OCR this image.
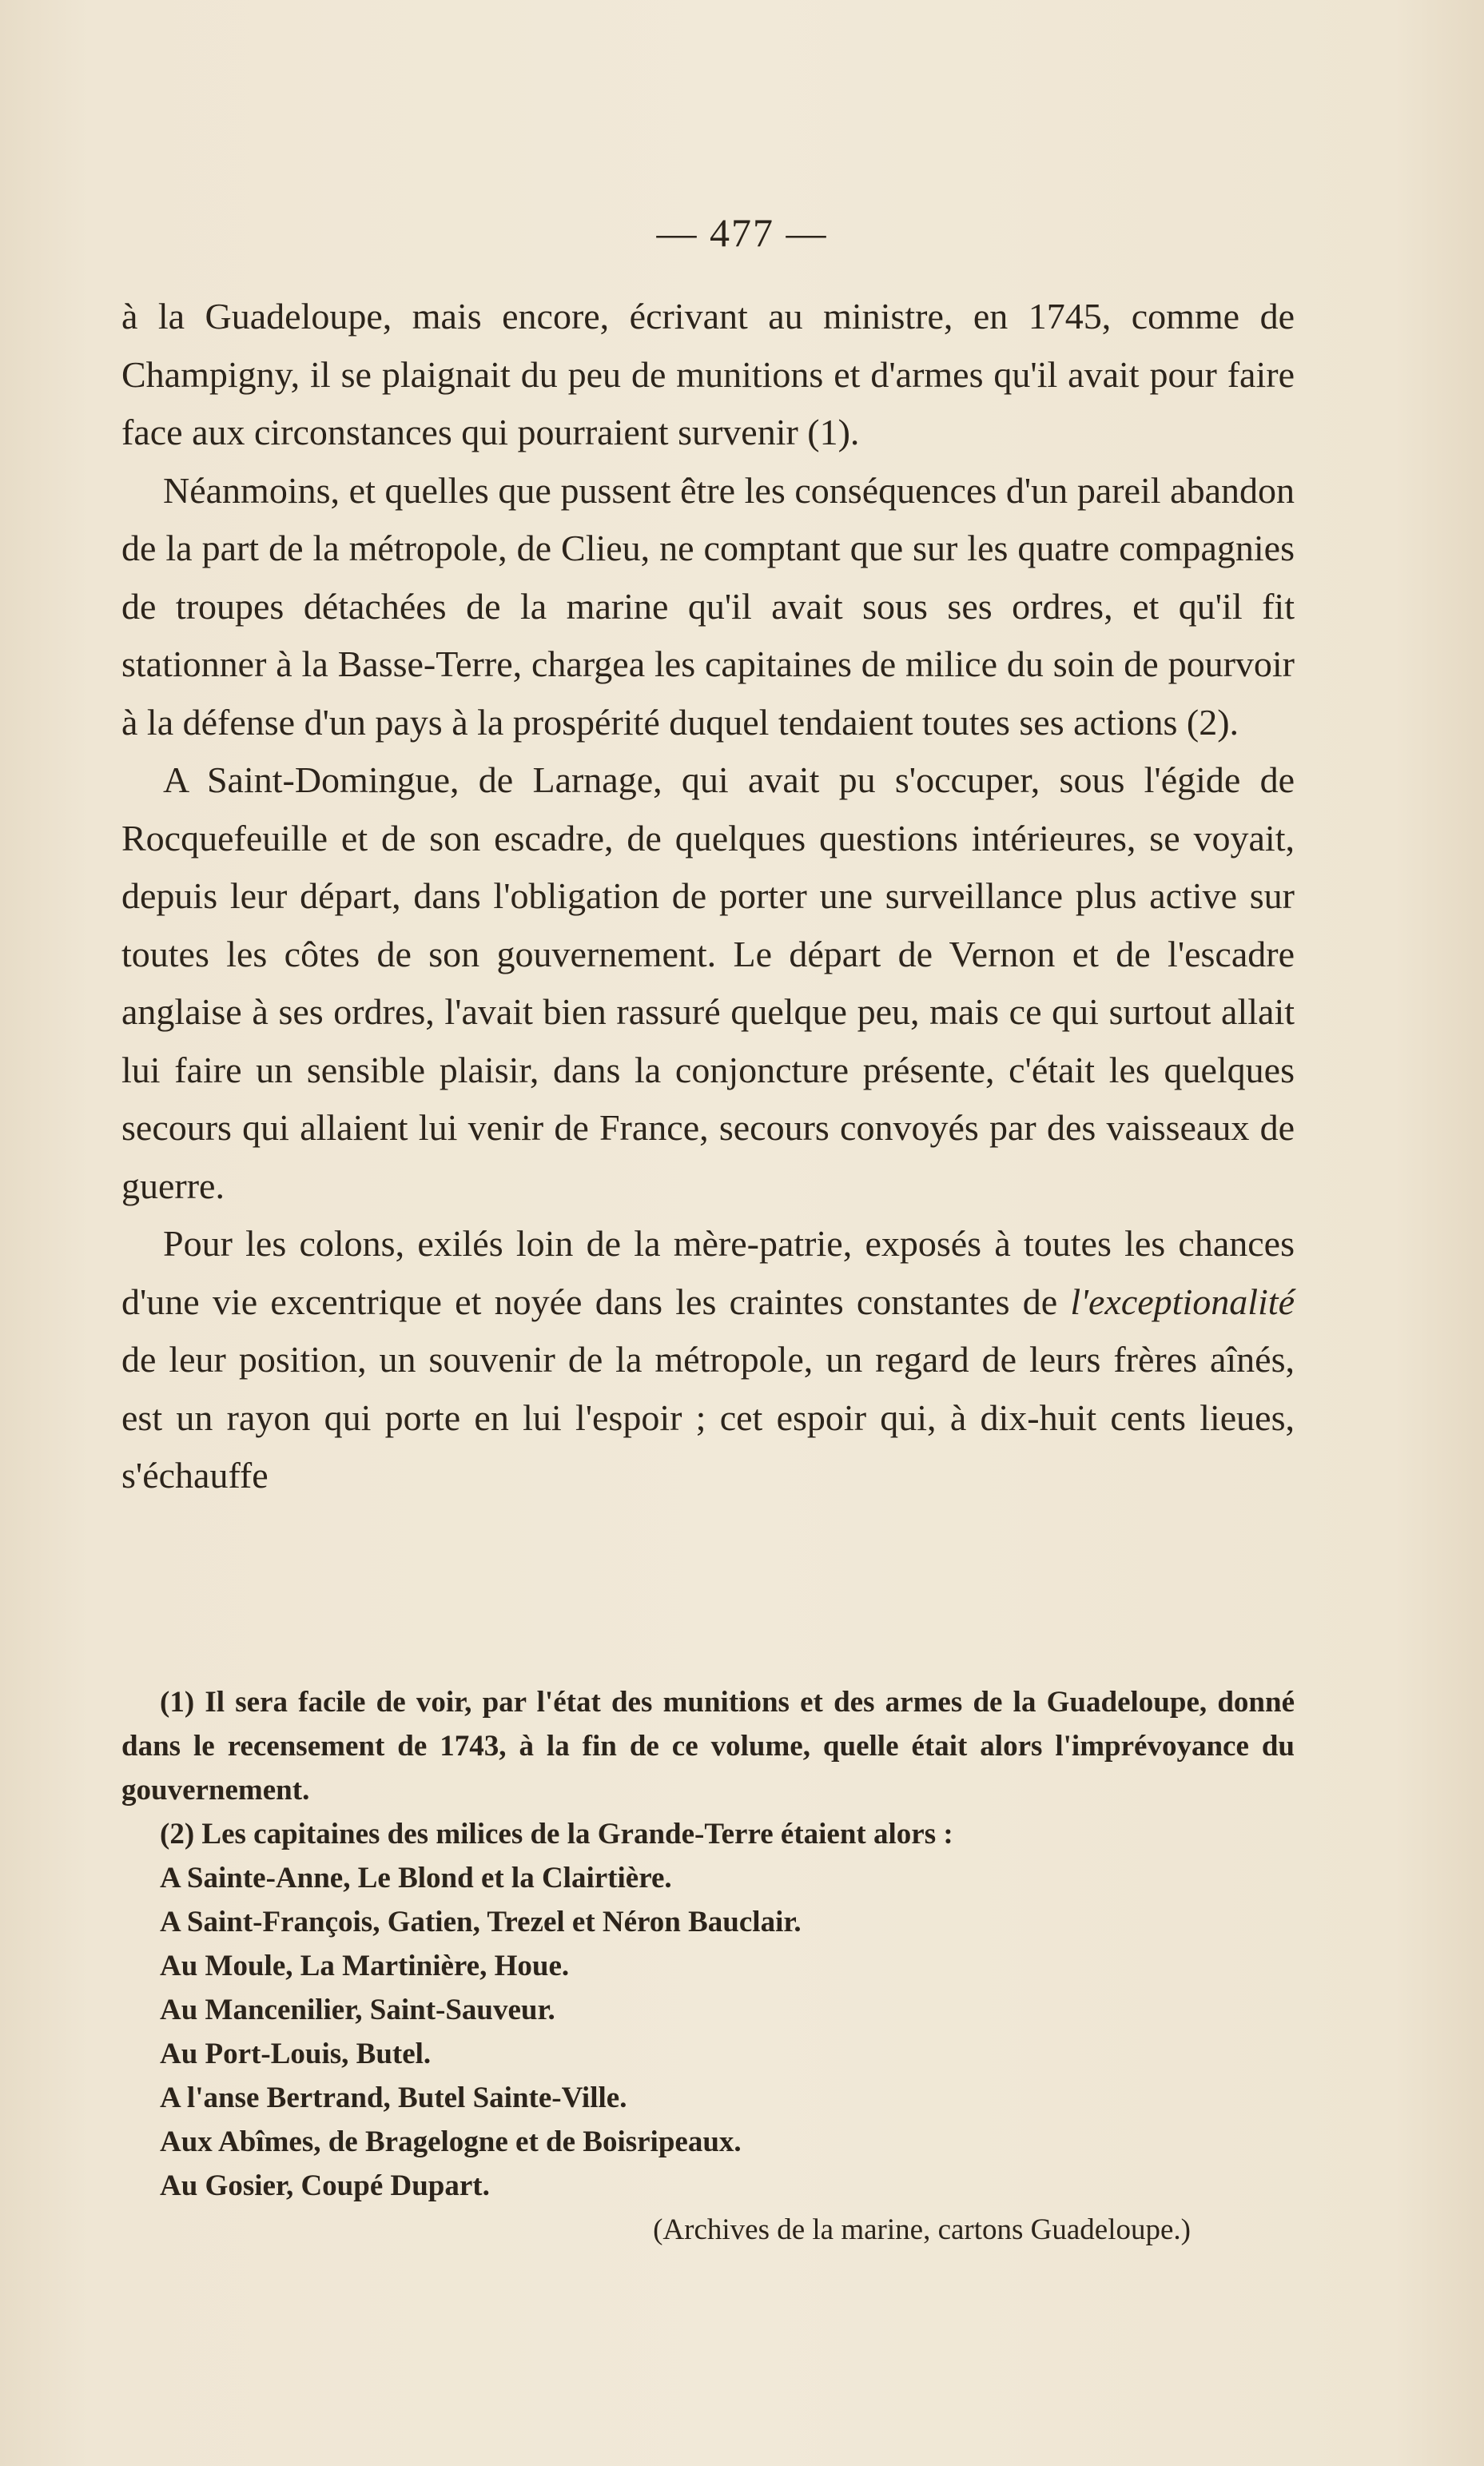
— 477 —

à la Guadeloupe, mais encore, écrivant au ministre, en 1745, comme de Champigny, il se plaignait du peu de munitions et d'armes qu'il avait pour faire face aux circonstances qui pourraient survenir (1).

Néanmoins, et quelles que pussent être les conséquences d'un pareil abandon de la part de la métropole, de Clieu, ne comptant que sur les quatre compagnies de troupes détachées de la marine qu'il avait sous ses ordres, et qu'il fit stationner à la Basse-Terre, chargea les capitaines de milice du soin de pourvoir à la défense d'un pays à la prospérité duquel tendaient toutes ses actions (2).

A Saint-Domingue, de Larnage, qui avait pu s'occuper, sous l'égide de Rocquefeuille et de son escadre, de quelques questions intérieures, se voyait, depuis leur départ, dans l'obligation de porter une surveillance plus active sur toutes les côtes de son gouvernement. Le départ de Vernon et de l'escadre anglaise à ses ordres, l'avait bien rassuré quelque peu, mais ce qui surtout allait lui faire un sensible plaisir, dans la conjoncture présente, c'était les quelques secours qui allaient lui venir de France, secours convoyés par des vaisseaux de guerre.

Pour les colons, exilés loin de la mère-patrie, exposés à toutes les chances d'une vie excentrique et noyée dans les craintes constantes de l'exceptionalité de leur position, un souvenir de la métropole, un regard de leurs frères aînés, est un rayon qui porte en lui l'espoir ; cet espoir qui, à dix-huit cents lieues, s'échauffe

(1) Il sera facile de voir, par l'état des munitions et des armes de la Guadeloupe, donné dans le recensement de 1743, à la fin de ce volume, quelle était alors l'imprévoyance du gouvernement.

(2) Les capitaines des milices de la Grande-Terre étaient alors :

A Sainte-Anne, Le Blond et la Clairtière.

A Saint-François, Gatien, Trezel et Néron Bauclair.

Au Moule, La Martinière, Houe.

Au Mancenilier, Saint-Sauveur.

Au Port-Louis, Butel.

A l'anse Bertrand, Butel Sainte-Ville.

Aux Abîmes, de Bragelogne et de Boisripeaux.

Au Gosier, Coupé Dupart.

(Archives de la marine, cartons Guadeloupe.)
